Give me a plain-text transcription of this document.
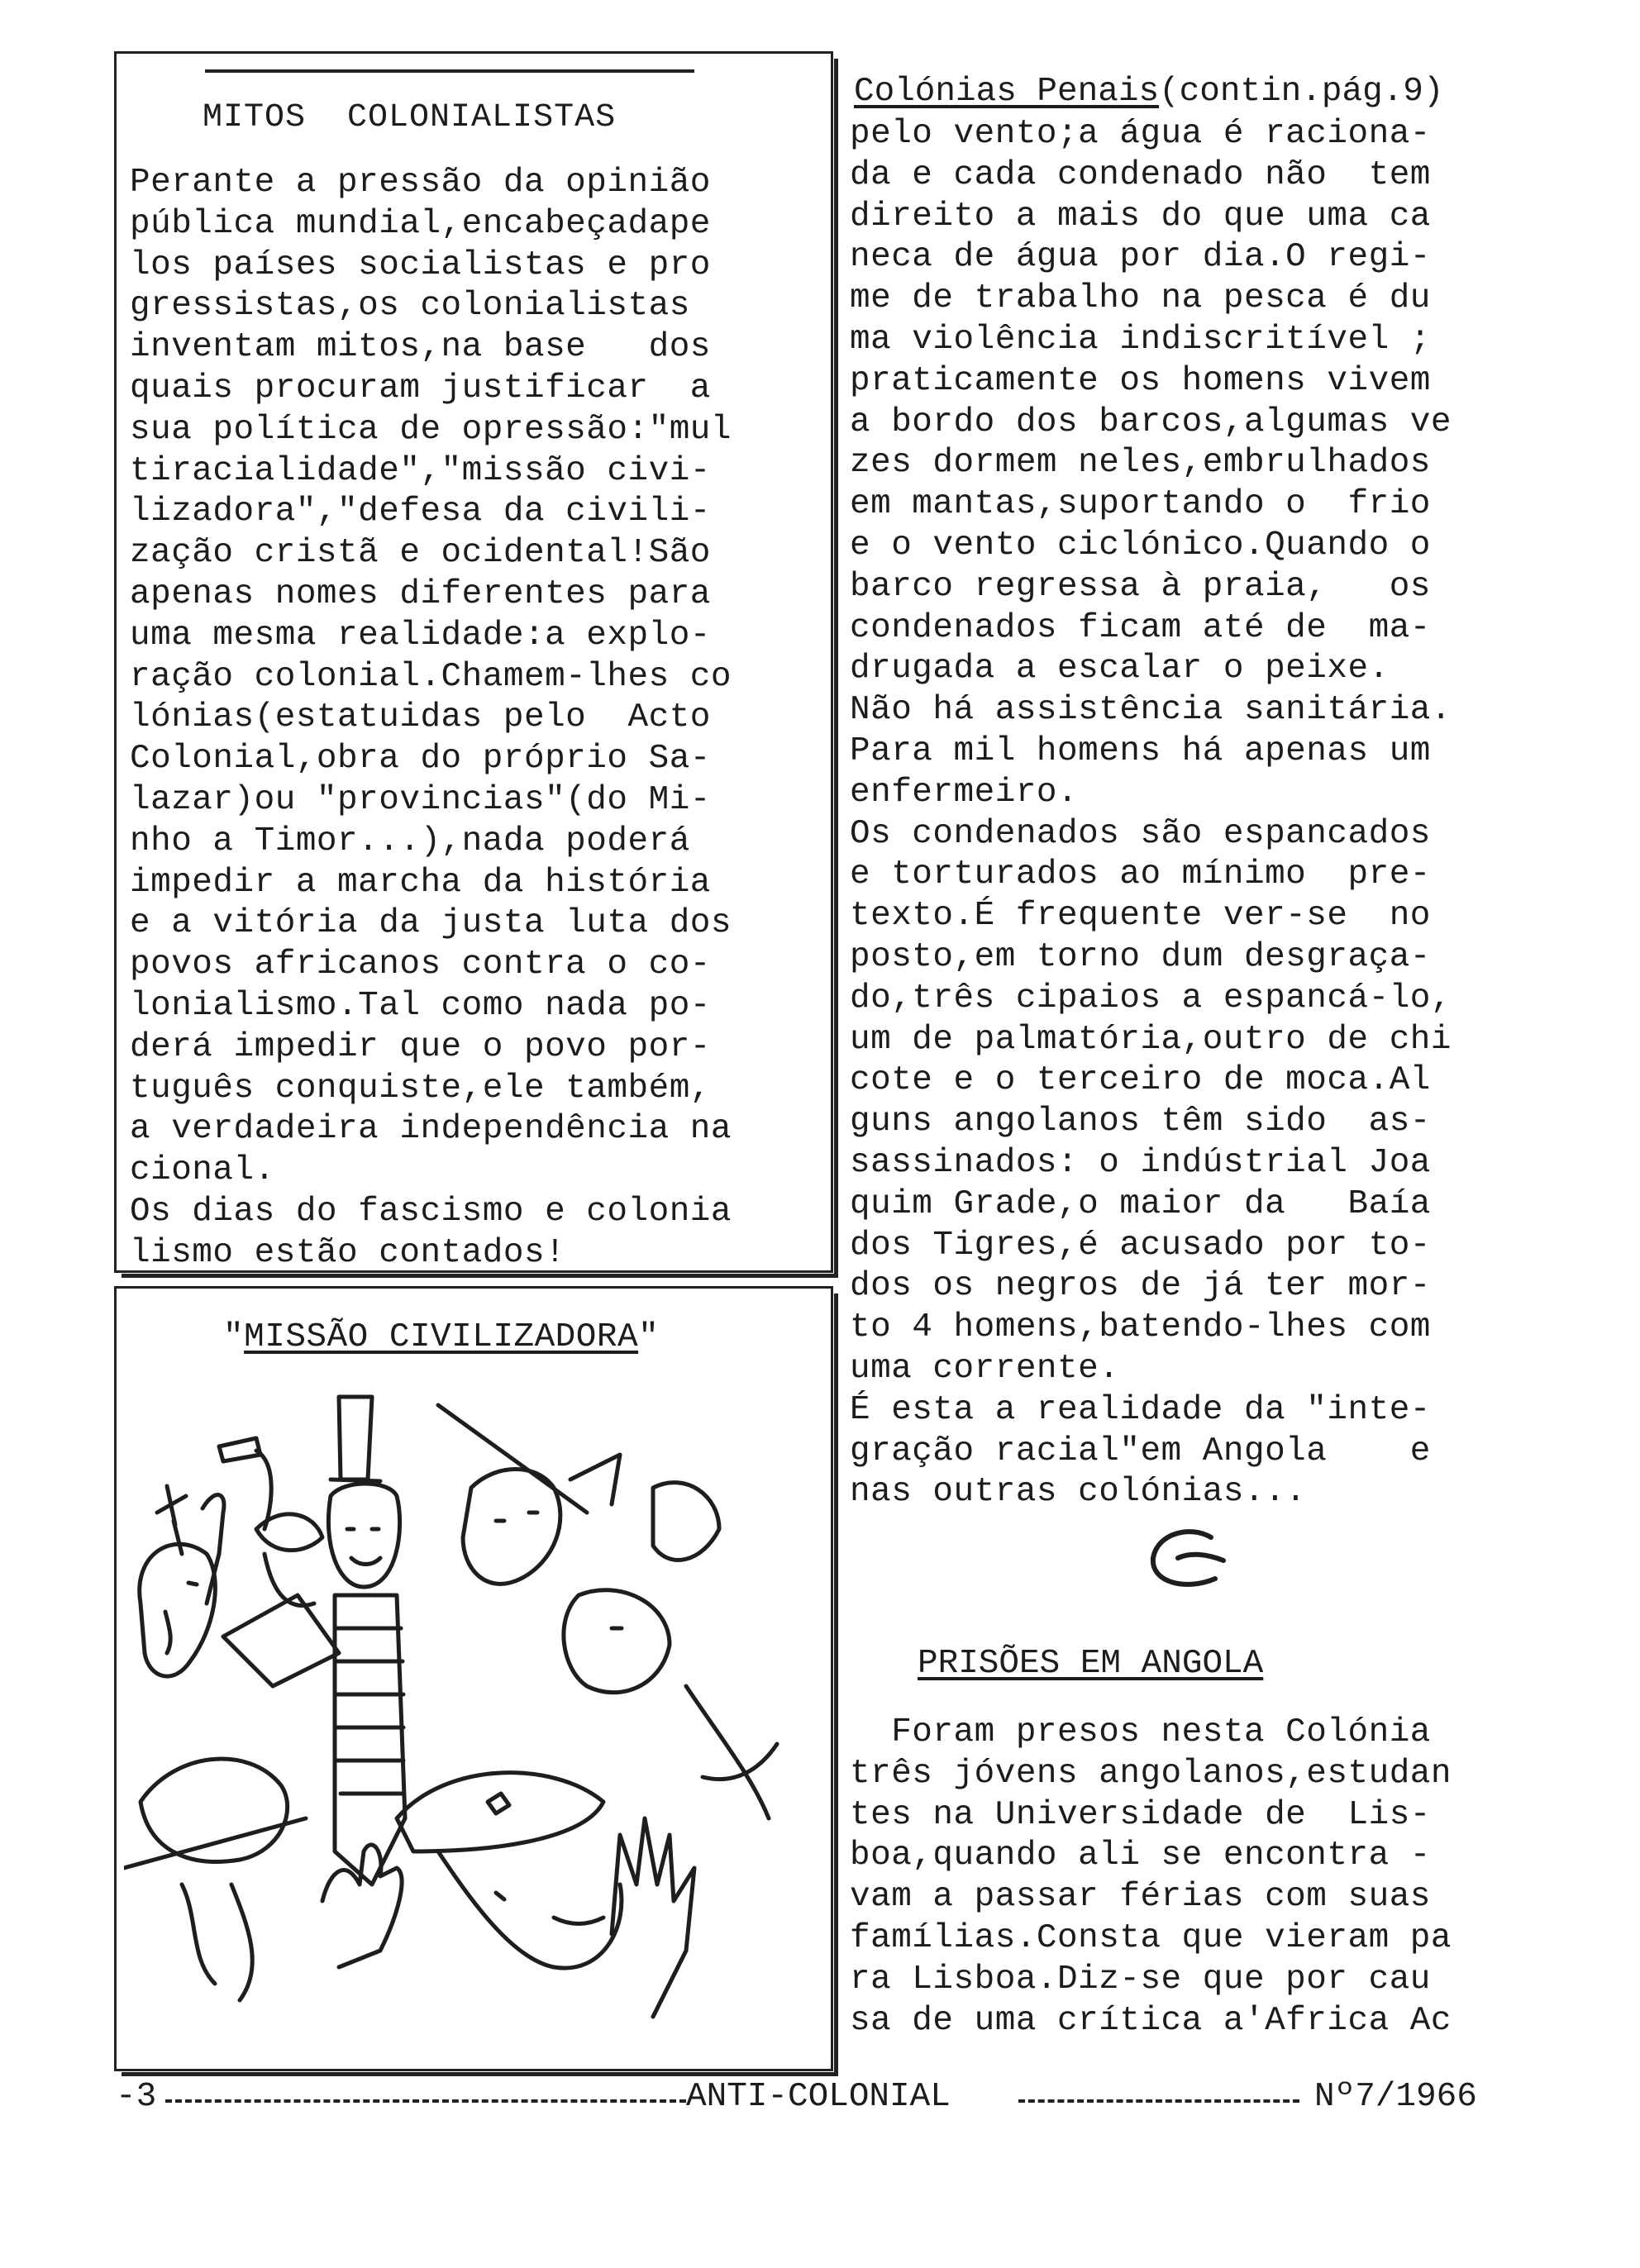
MITOS  COLONIALISTAS
Perante a pressão da opinião
pública mundial,encabeçadape
los países socialistas e pro
gressistas,os colonialistas
inventam mitos,na base   dos
quais procuram justificar  a
sua política de opressão:"mul
tiracialidade","missão civi-
lizadora","defesa da civili-
zação cristã e ocidental!São
apenas nomes diferentes para
uma mesma realidade:a explo-
ração colonial.Chamem-lhes co
lónias(estatuidas pelo  Acto
Colonial,obra do próprio Sa-
lazar)ou "provincias"(do Mi-
nho a Timor...),nada poderá
impedir a marcha da história
e a vitória da justa luta dos
povos africanos contra o co-
lonialismo.Tal como nada po-
derá impedir que o povo por-
tuguês conquiste,ele também,
a verdadeira independência na
cional.
Os dias do fascismo e colonia
lismo estão contados!
"MISSÃO CIVILIZADORA"
Colónias Penais(contin.pág.9)
pelo vento;a água é raciona-
da e cada condenado não  tem
direito a mais do que uma ca
neca de água por dia.O regi-
me de trabalho na pesca é du
ma violência indiscritível ;
praticamente os homens vivem
a bordo dos barcos,algumas ve
zes dormem neles,embrulhados
em mantas,suportando o  frio
e o vento ciclónico.Quando o
barco regressa à praia,   os
condenados ficam até de  ma-
drugada a escalar o peixe.
Não há assistência sanitária.
Para mil homens há apenas um
enfermeiro.
Os condenados são espancados
e torturados ao mínimo  pre-
texto.É frequente ver-se  no
posto,em torno dum desgraça-
do,três cipaios a espancá-lo,
um de palmatória,outro de chi
cote e o terceiro de moca.Al
guns angolanos têm sido  as-
sassinados: o indústrial Joa
quim Grade,o maior da   Baía
dos Tigres,é acusado por to-
dos os negros de já ter mor-
to 4 homens,batendo-lhes com
uma corrente.
É esta a realidade da "inte-
gração racial"em Angola    e
nas outras colónias...
PRISÕES EM ANGOLA
Foram presos nesta Colónia
três jóvens angolanos,estudan
tes na Universidade de  Lis-
boa,quando ali se encontra -
vam a passar férias com suas
famílias.Consta que vieram pa
ra Lisboa.Diz-se que por cau
sa de uma crítica a'Africa Ac

-3

	ANTI-COLONIAL

	Nº7/1966
